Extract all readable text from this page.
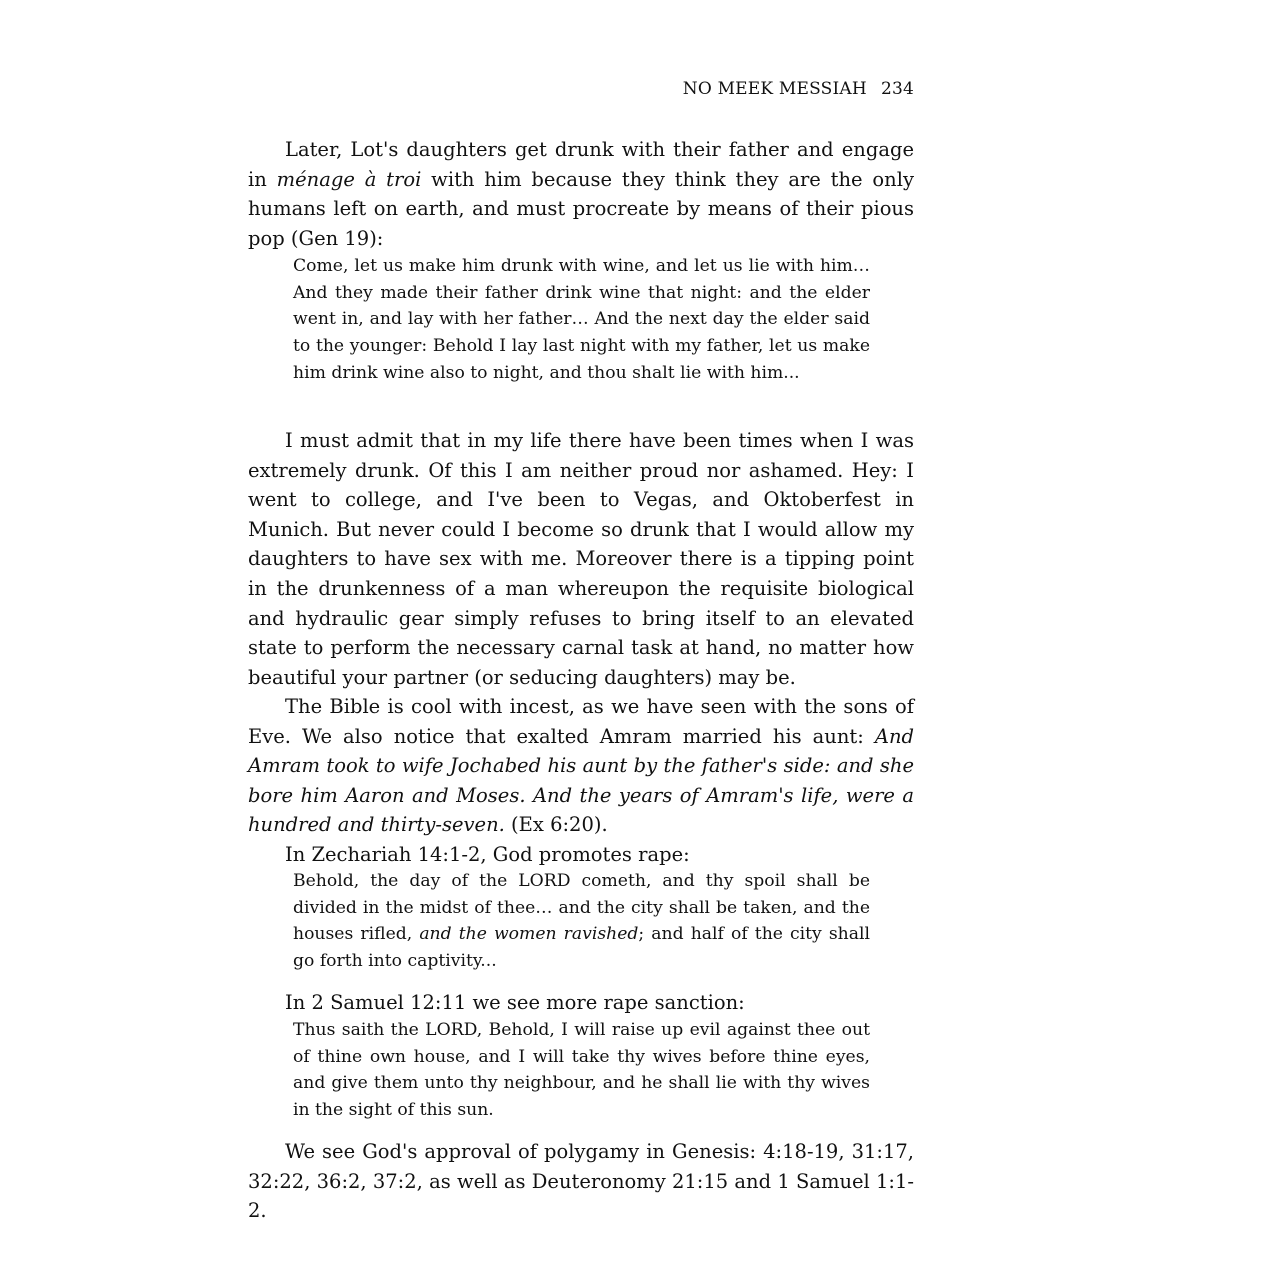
NO MEEK MESSIAH 234

Later, Lot's daughters get drunk with their father and engage in ménage à troi with him because they think they are the only humans left on earth, and must procreate by means of their pious pop (Gen 19):

Come, let us make him drunk with wine, and let us lie with him… And they made their father drink wine that night: and the elder went in, and lay with her father… And the next day the elder said to the younger: Behold I lay last night with my father, let us make him drink wine also to night, and thou shalt lie with him...

I must admit that in my life there have been times when I was extremely drunk. Of this I am neither proud nor ashamed. Hey: I went to college, and I've been to Vegas, and Oktoberfest in Munich. But never could I become so drunk that I would allow my daughters to have sex with me. Moreover there is a tipping point in the drunkenness of a man whereupon the requisite biological and hydraulic gear simply refuses to bring itself to an elevated state to perform the necessary carnal task at hand, no matter how beautiful your partner (or seducing daughters) may be.

The Bible is cool with incest, as we have seen with the sons of Eve. We also notice that exalted Amram married his aunt: And Amram took to wife Jochabed his aunt by the father's side: and she bore him Aaron and Moses. And the years of Amram's life, were a hundred and thirty-seven. (Ex 6:20).

In Zechariah 14:1-2, God promotes rape:

Behold, the day of the LORD cometh, and thy spoil shall be divided in the midst of thee… and the city shall be taken, and the houses rifled, and the women ravished; and half of the city shall go forth into captivity...

In 2 Samuel 12:11 we see more rape sanction:

Thus saith the LORD, Behold, I will raise up evil against thee out of thine own house, and I will take thy wives before thine eyes, and give them unto thy neighbour, and he shall lie with thy wives in the sight of this sun.

We see God's approval of polygamy in Genesis: 4:18-19, 31:17, 32:22, 36:2, 37:2, as well as Deuteronomy 21:15 and 1 Samuel 1:1-2.
